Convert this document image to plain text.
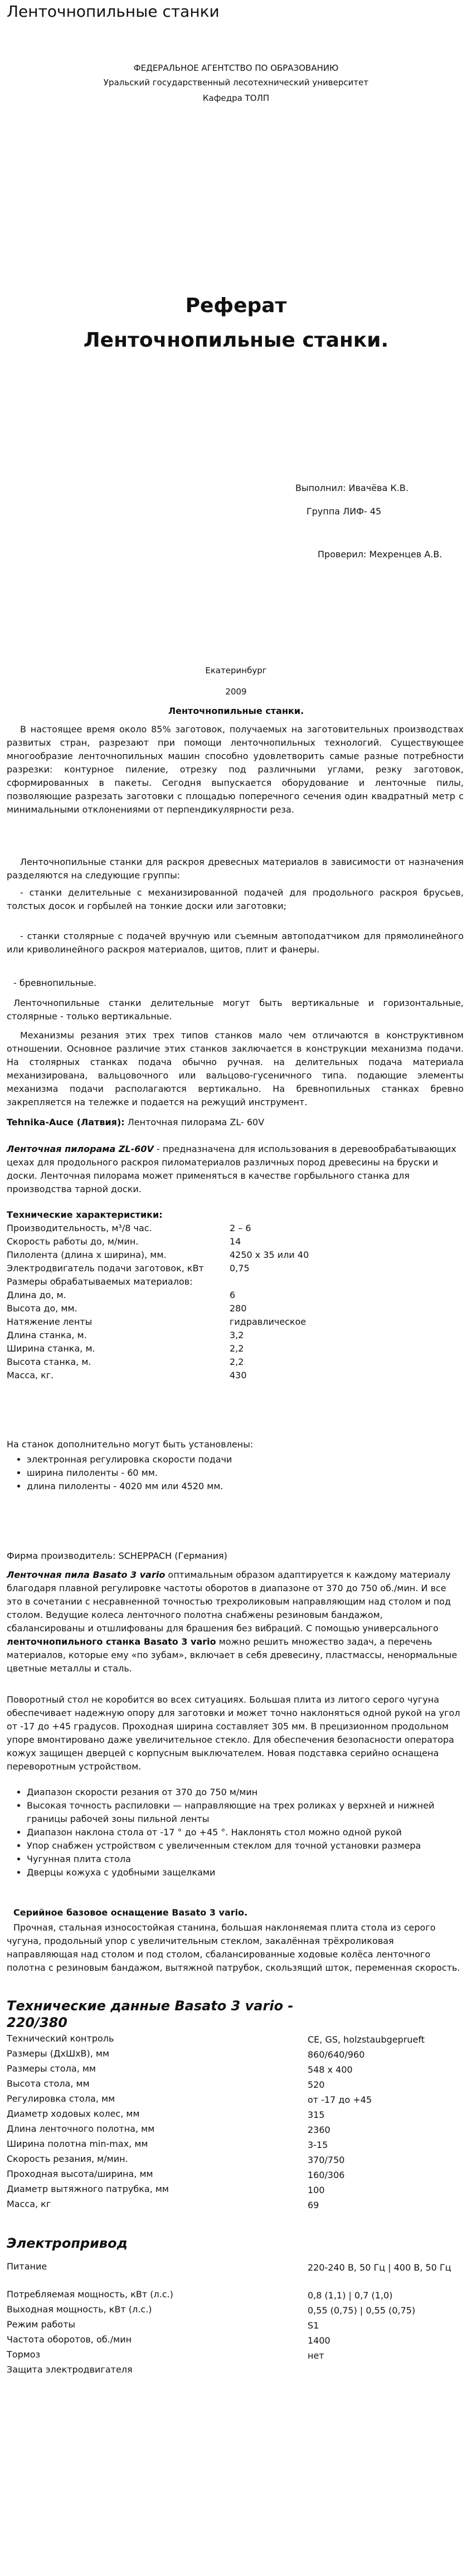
Ленточнопильные станки
ФЕДЕРАЛЬНОЕ АГЕНТСТВО ПО ОБРАЗОВАНИЮ
Уральский государственный лесотехнический университет
Кафедра ТОЛП
Реферат
Ленточнопильные станки.
Выполнил: Ивачёва К.В.
Группа ЛИФ- 45
Проверил: Мехренцев А.В.
Екатеринбург
2009
Ленточнопильные станки.
В настоящее время около 85% заготовок, получаемых на заготовительных производствах развитых стран, разрезают при помощи ленточнопильных технологий. Существующее многообразие ленточнопильных машин способно удовлетворить самые разные потребности разрезки: контурное пиление, отрезку под различными углами, резку заготовок, сформированных в пакеты. Сегодня выпускается оборудование и ленточные пилы, позволяющие разрезать заготовки с площадью поперечного сечения один квадратный метр с минимальными отклонениями от перпендикулярности реза.
Ленточнопильные станки для раскроя древесных материалов в зависимости от назначения разделяются на следующие группы:
- станки делительные с механизированной подачей для продольного раскроя брусьев, толстых досок и горбылей на тонкие доски или заготовки;
- станки столярные с подачей вручную или съемным автоподатчиком для прямолинейного или криволинейного раскроя материалов, щитов, плит и фанеры.
- бревнопильные.
Ленточнопильные станки делительные могут быть вертикальные и горизонтальные, столярные - только вертикальные.
Механизмы резания этих трех типов станков мало чем отличаются в конструктивном отношении. Основное различие этих станков заключается в конструкции механизма подачи. На столярных станках подача обычно ручная. на делительных подача материала механизирована, вальцовочного или вальцово-гусеничного типа. подающие элементы механизма подачи располагаются вертикально. На бревнопильных станках бревно закрепляется на тележке и подается на режущий инструмент.
Tehnika-Auce (Латвия): Ленточная пилорама ZL- 60V
Ленточная пилорама ZL-60V - предназначена для использования в деревообрабатывающих цехах для продольного раскроя пиломатериалов различных пород древесины на бруски и доски. Ленточная пилорама может применяться в качестве горбыльного станка для производства тарной доски.
Технические характеристики:
Производительность, м³/8 час.	2 – 6
Скорость работы до, м/мин.	14
Пилолента (длина x ширина), мм.	4250 х 35 или 40
Электродвигатель подачи заготовок, кВт	0,75
Размеры обрабатываемых материалов:
Длина до, м.	6
Высота до, мм.	280
Натяжение ленты	гидравлическое
Длина станка, м.	3,2
Ширина станка, м.	2,2
Высота станка, м.	2,2
Масса, кг.	430
На станок дополнительно могут быть установлены:
• электронная регулировка скорости подачи
• ширина пилоленты - 60 мм.
• длина пилоленты - 4020 мм или 4520 мм.
Фирма производитель: SCHEPPACH (Германия)
Ленточная пила Basato 3 vario оптимальным образом адаптируется к каждому материалу благодаря плавной регулировке частоты оборотов в диапазоне от 370 до 750 об./мин. И все это в сочетании с несравненной точностью трехроликовым направляющим над столом и под столом. Ведущие колеса ленточного полотна снабжены резиновым бандажом, сбалансированы и отшлифованы для брашения без вибраций. С помощью универсального ленточнопильного станка Basato 3 vario можно решить множество задач, а перечень материалов, которые ему «по зубам», включает в себя древесину, пластмассы, ненормальные цветные металлы и сталь.
Поворотный стол не коробится во всех ситуациях. Большая плита из литого серого чугуна обеспечивает надежную опору для заготовки и может точно наклоняться одной рукой на угол от -17 до +45 градусов. Проходная ширина составляет 305 мм. В прецизионном продольном упоре вмонтировано даже увеличительное стекло. Для обеспечения безопасности оператора кожух защищен дверцей с корпусным выключателем. Новая подставка серийно оснащена переворотным устройством.
• Диапазон скорости резания от 370 до 750 м/мин
• Высокая точность распиловки — направляющие на трех роликах у верхней и нижней границы рабочей зоны пильной ленты
• Диапазон наклона стола от -17 ° до +45 °. Наклонять стол можно одной рукой
• Упор снабжен устройством с увеличенным стеклом для точной установки размера
• Чугунная плита стола
• Дверцы кожуха с удобными защелками
Серийное базовое оснащение Basato 3 vario.
Прочная, стальная износостойкая станина, большая наклоняемая плита стола из серого чугуна, продольный упор с увеличительным стеклом, закалённая трёхроликовая направляющая над столом и под столом, сбалансированные ходовые колёса ленточного полотна с резиновым бандажом, вытяжной патрубок, скользящий шток, переменная скорость.
Технические данные Basato 3 vario - 220/380
Технический контроль	CE, GS, holzstaubgeprueft
Размеры (ДхШхВ), мм	860/640/960
Размеры стола, мм	548 x 400
Высота стола, мм	520
Регулировка стола, мм	от -17 до +45
Диаметр ходовых колес, мм	315
Длина ленточного полотна, мм	2360
Ширина полотна min-max, мм	3-15
Скорость резания, м/мин.	370/750
Проходная высота/ширина, мм	160/306
Диаметр вытяжного патрубка, мм	100
Масса, кг	69
Электропривод
Питание	220-240 В, 50 Гц | 400 В, 50 Гц
Потребляемая мощность, кВт (л.с.)	0,8 (1,1) | 0,7 (1,0)
Выходная мощность, кВт (л.с.)	0,55 (0,75) | 0,55 (0,75)
Режим работы	S1
Частота оборотов, об./мин	1400
Тормоз	нет
Защита электродвигателя
